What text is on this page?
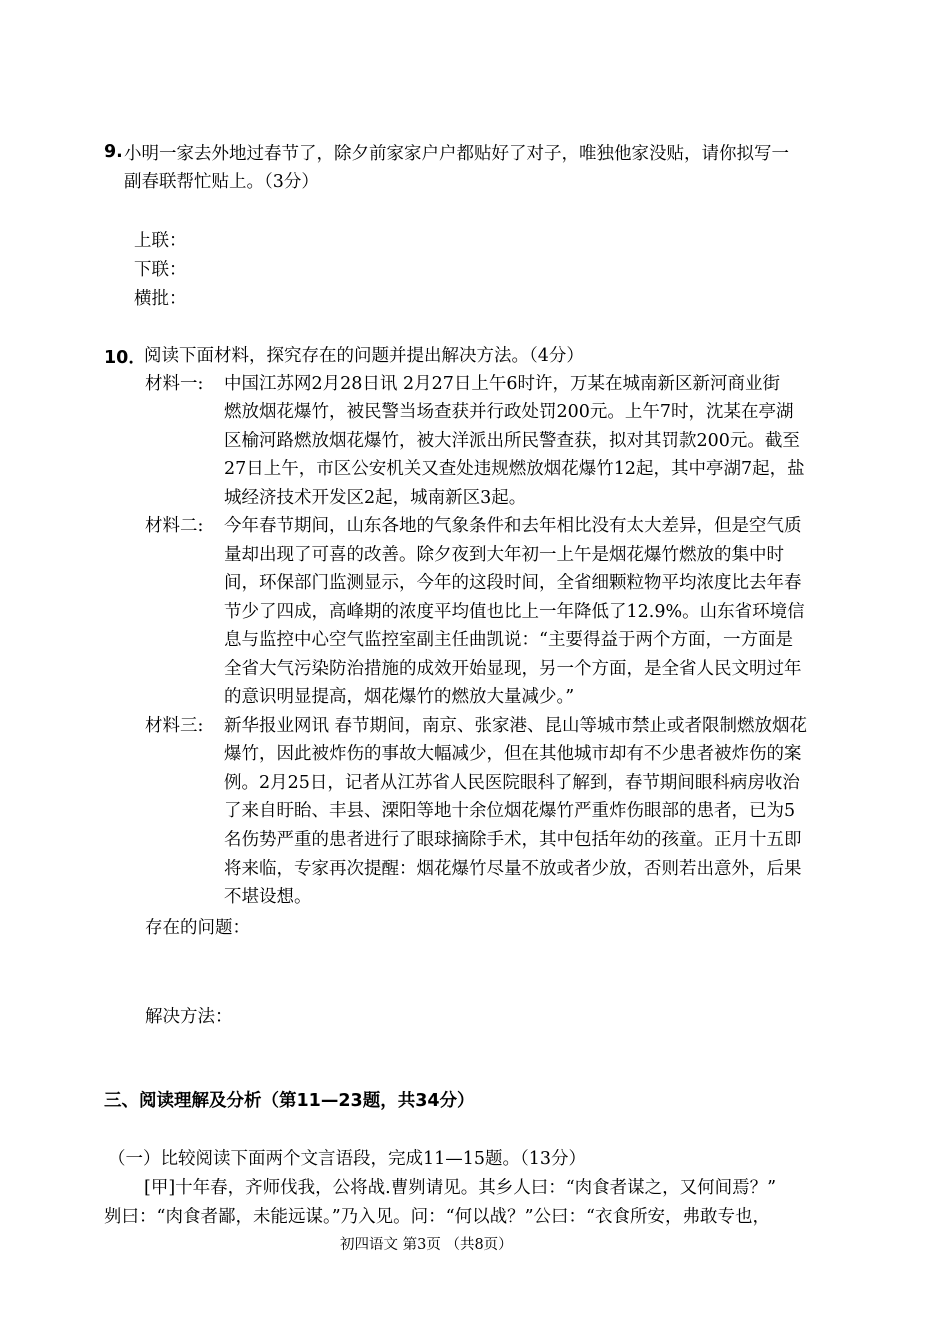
9. 小明一家去外地过春节了，除夕前家家户户都贴好了对子，唯独他家没贴，请你拟写一
副春联帮忙贴上。（3分）
上联：
下联：
横批：
10．
阅读下面材料，探究存在的问题并提出解决方法。（4分）
材料一: 中国江苏网2月28日讯 2月27日上午6时许，万某在城南新区新河商业街
燃放烟花爆竹，被民警当场查获并行政处罚200元。上午7时，沈某在亭湖
区榆河路燃放烟花爆竹，被大洋派出所民警查获，拟对其罚款200元。截至
27日上午，市区公安机关又查处违规燃放烟花爆竹12起，其中亭湖7起，盐
城经济技术开发区2起，城南新区3起。
材料二: 今年春节期间，山东各地的气象条件和去年相比没有太大差异，但是空气质
量却出现了可喜的改善。除夕夜到大年初一上午是烟花爆竹燃放的集中时
间，环保部门监测显示，今年的这段时间，全省细颗粒物平均浓度比去年春
节少了四成，高峰期的浓度平均值也比上一年降低了12.9%。山东省环境信
息与监控中心空气监控室副主任曲凯说：“主要得益于两个方面，一方面是
全省大气污染防治措施的成效开始显现，另一个方面，是全省人民文明过年
的意识明显提高，烟花爆竹的燃放大量减少。”
材料三: 新华报业网讯 春节期间，南京、张家港、昆山等城市禁止或者限制燃放烟花
爆竹，因此被炸伤的事故大幅减少，但在其他城市却有不少患者被炸伤的案
例。2月25日，记者从江苏省人民医院眼科了解到，春节期间眼科病房收治
了来自盱眙、丰县、溧阳等地十余位烟花爆竹严重炸伤眼部的患者，已为5
名伤势严重的患者进行了眼球摘除手术，其中包括年幼的孩童。正月十五即
将来临，专家再次提醒：烟花爆竹尽量不放或者少放，否则若出意外，后果
不堪设想。
存在的问题：
解决方法：
三、阅读理解及分析（第11—23题，共34分）
（一）比较阅读下面两个文言语段，完成11—15题。（13分）
[甲]十年春，齐师伐我，公将战.曹刿请见。其乡人曰：“肉食者谋之，又何间焉？”
刿曰：“肉食者鄙，未能远谋。”乃入见。问：“何以战？”公曰：“衣食所安，弗敢专也，
初四语文 第3页 （共8页）
